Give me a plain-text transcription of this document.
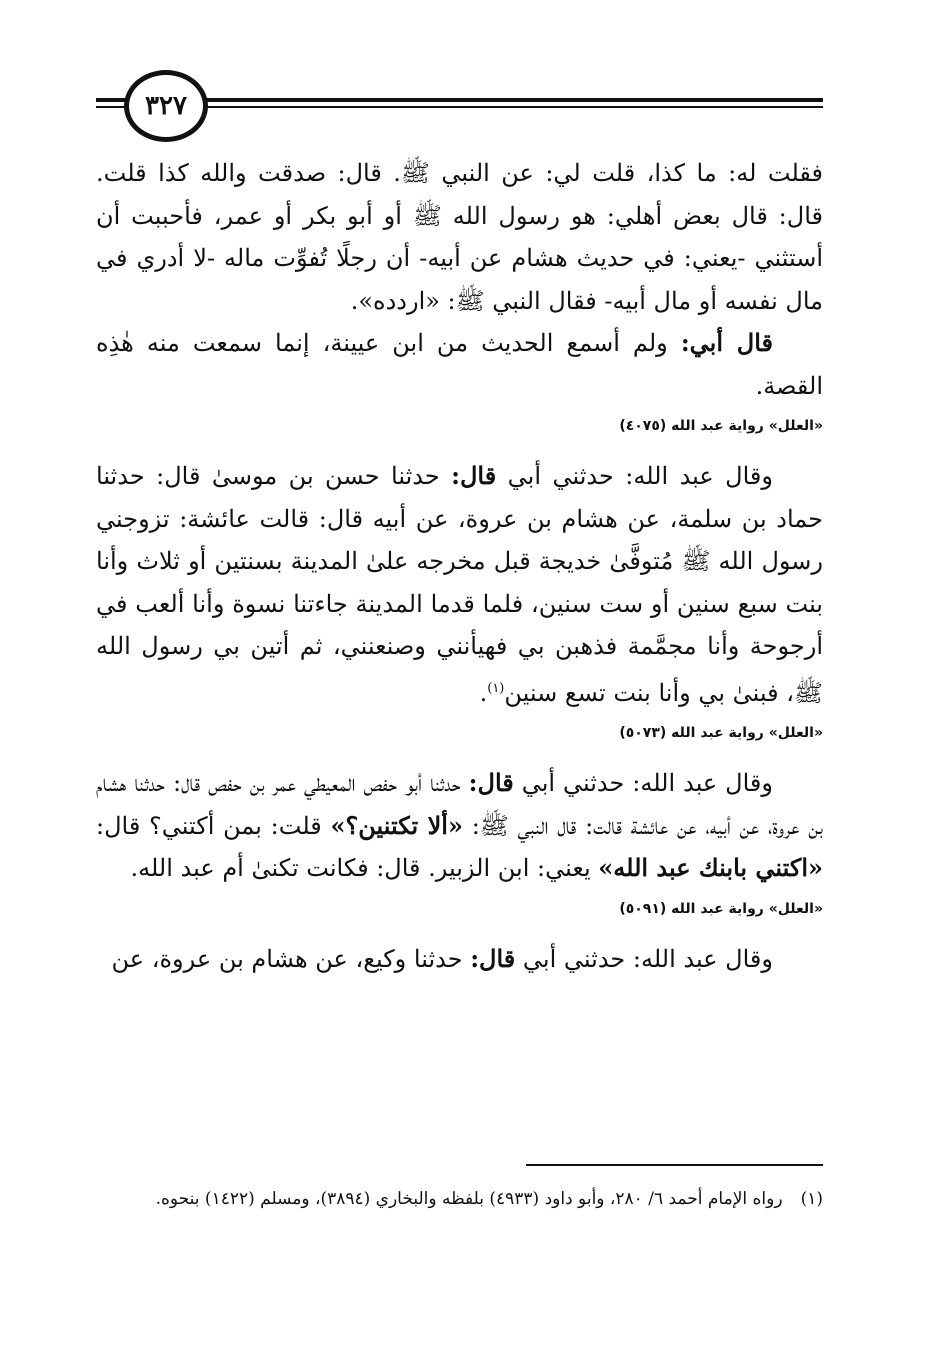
٣٢٧

فقلت له: ما كذا، قلت لي: عن النبي ﷺ. قال: صدقت والله كذا قلت. قال: قال بعض أهلي: هو رسول الله ﷺ أو أبو بكر أو عمر، فأحببت أن أستثني -يعني: في حديث هشام عن أبيه- أن رجلًا تُفوِّت ماله -لا أدري في مال نفسه أو مال أبيه- فقال النبي ﷺ: «اردده».

قال أبي: ولم أسمع الحديث من ابن عيينة، إنما سمعت منه هٰذِه القصة.

«العلل» رواية عبد الله (٤٠٧٥)

وقال عبد الله: حدثني أبي قال: حدثنا حسن بن موسىٰ قال: حدثنا حماد بن سلمة، عن هشام بن عروة، عن أبيه قال: قالت عائشة: تزوجني رسول الله ﷺ مُتوفَّىٰ خديجة قبل مخرجه علىٰ المدينة بسنتين أو ثلاث وأنا بنت سبع سنين أو ست سنين، فلما قدما المدينة جاءتنا نسوة وأنا ألعب في أرجوحة وأنا مجمَّمة فذهبن بي فهيأنني وصنعنني، ثم أتين بي رسول الله ﷺ، فبنىٰ بي وأنا بنت تسع سنين$^{(١)}$.

«العلل» رواية عبد الله (٥٠٧٣)

وقال عبد الله: حدثني أبي قال: حدثنا أبو حفص المعيطي عمر بن حفص قال: حدثنا هشام بن عروة، عن أبيه، عن عائشة قالت: قال النبي ﷺ: «ألا تكتنين؟» قلت: بمن أكتني؟ قال: «اكتني بابنك عبد الله» يعني: ابن الزبير. قال: فكانت تكنىٰ أم عبد الله.

«العلل» رواية عبد الله (٥٠٩١)

وقال عبد الله: حدثني أبي قال: حدثنا وكيع، عن هشام بن عروة، عن

(١)رواه الإمام أحمد ٦/ ٢٨٠، وأبو داود (٤٩٣٣) بلفظه والبخاري (٣٨٩٤)، ومسلم (١٤٢٢) بنحوه.
